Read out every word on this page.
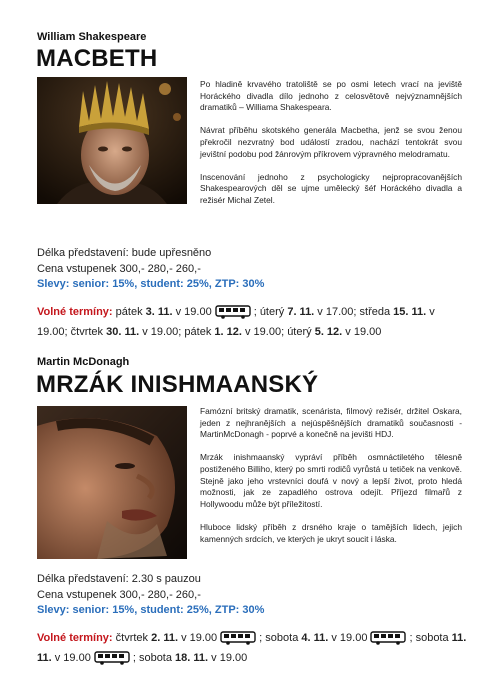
William Shakespeare
MACBETH

Po hladině krvavého tratoliště se po osmi letech vrací na jeviště Horáckého divadla dílo jednoho z celosvětově nejvýznamnějších dramatiků – Williama Shakespeara.

Návrat příběhu skotského generála Macbetha, jenž se svou ženou překročil nezvratný bod událostí zradou, nachází tentokrát svou jevištní podobu pod žánrovým příkrovem výpravného melodramatu.

Inscenování jednoho z psychologicky nejpropracovanějších Shakespearových děl se ujme umělecký šéf Horáckého divadla a režisér Michal Zetel.

Délka představení: bude upřesněno
Cena vstupenek 300,- 280,- 260,-
Slevy: senior: 15%, student: 25%, ZTP: 30%
Volné termíny: pátek 3. 11. v 19.00	; úterý 7. 11. v 17.00; středa 15. 11. v 19.00; čtvrtek 30. 11. v 19.00; pátek 1. 12. v 19.00; úterý 5. 12. v 19.00
Martin McDonagh
MRZÁK INISHMAANSKÝ

Famózní britský dramatik, scenárista, filmový režisér, držitel Oskara, jeden z nejhranějších a nejúspěšnějších dramatiků současnosti - MartinMcDonagh - poprvé a konečně na jevišti HDJ.

Mrzák inishmaanský vypráví příběh osmnáctiletého tělesně postiženého Billiho, který po smrti rodičů vyrůstá u tetiček na venkově. Stejně jako jeho vrstevníci doufá v nový a lepší život, proto hledá možnosti, jak ze zapadlého ostrova odejít. Příjezd filmařů z Hollywoodu může být příležitostí.

Hluboce lidský příběh z drsného kraje o tamějších lidech, jejich kamenných srdcích, ve kterých je ukryt soucit i láska.

Délka představení: 2.30 s pauzou
Cena vstupenek 300,- 280,- 260,-
Slevy: senior: 15%, student: 25%, ZTP: 30%
Volné termíny: čtvrtek 2. 11. v 19.00	; sobota 4. 11. v 19.00	; sobota 11. 11. v 19.00	; sobota 18. 11. v 19.00
